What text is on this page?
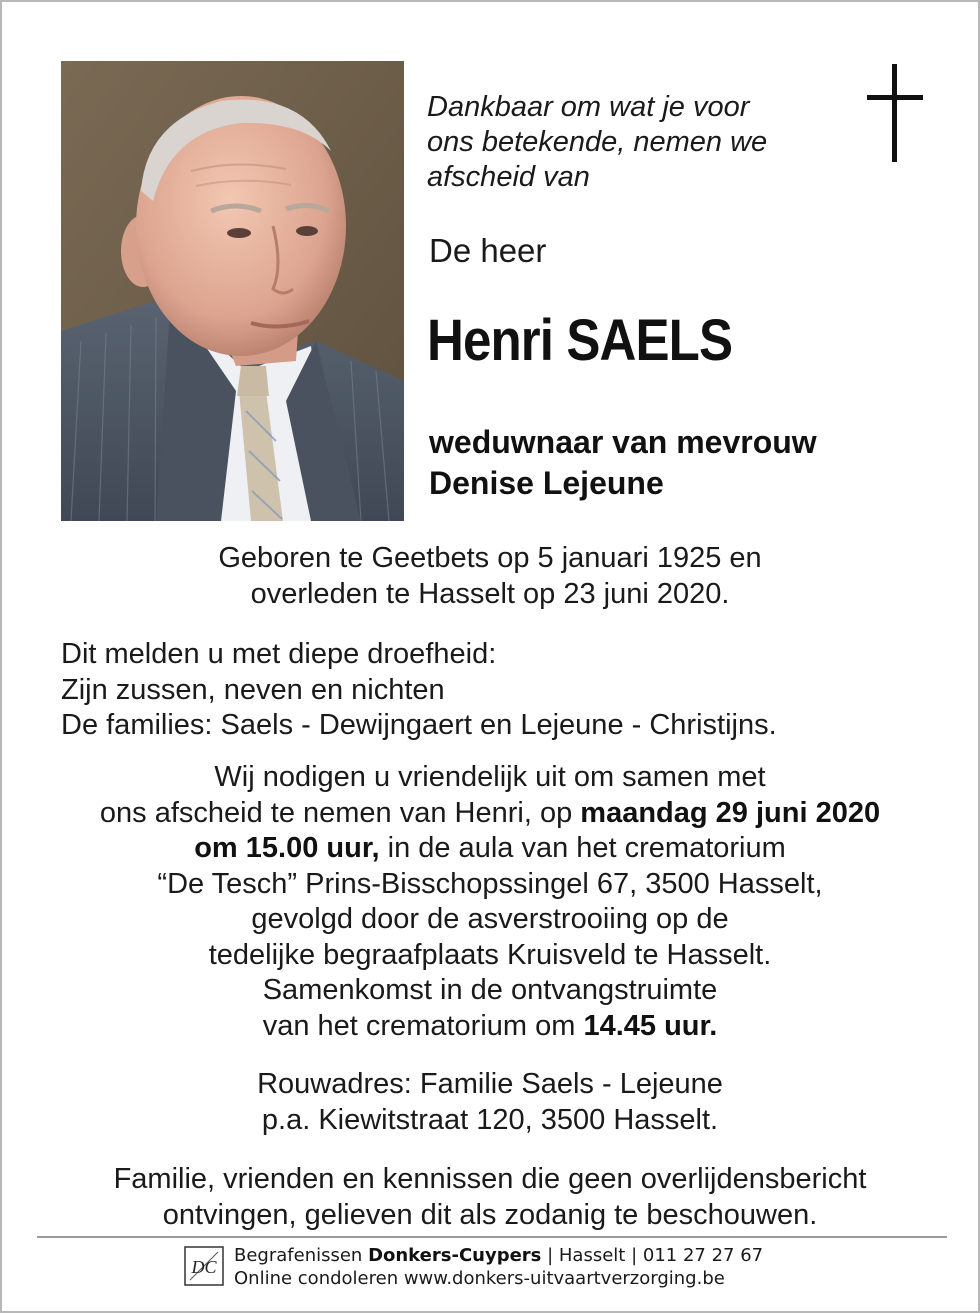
Dankbaar om wat je voor
ons betekende, nemen we
afscheid van
De heer
Henri SAELS
weduwnaar van mevrouw
Denise Lejeune
Geboren te Geetbets op 5 januari 1925 en
overleden te Hasselt op 23 juni 2020.
Dit melden u met diepe droefheid:
Zijn zussen, neven en nichten
De families: Saels - Dewijngaert en Lejeune - Christijns.
Wij nodigen u vriendelijk uit om samen met
ons afscheid te nemen van Henri, op maandag 29 juni 2020
om 15.00 uur, in de aula van het crematorium
“De Tesch” Prins-Bisschopssingel 67, 3500 Hasselt,
gevolgd door de asverstrooiing op de
tedelijke begraafplaats Kruisveld te Hasselt.
Samenkomst in de ontvangstruimte
van het crematorium om 14.45 uur.
Rouwadres: Familie Saels - Lejeune
p.a. Kiewitstraat 120, 3500 Hasselt.
Familie, vrienden en kennissen die geen overlijdensbericht
ontvingen, gelieven dit als zodanig te beschouwen.
DC
Begrafenissen Donkers-Cuypers | Hasselt | 011 27 27 67
Online condoleren www.donkers-uitvaartverzorging.be
